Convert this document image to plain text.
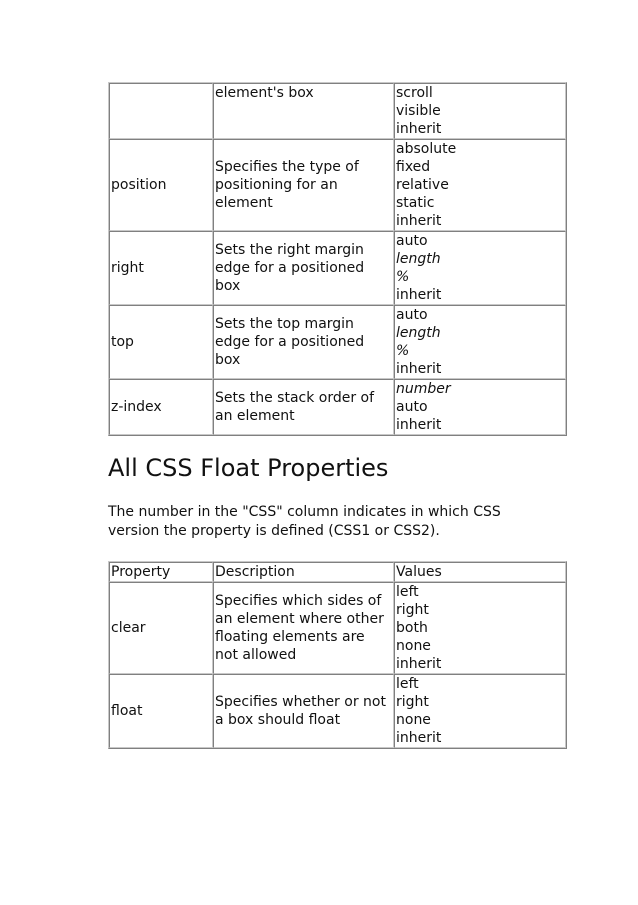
	element's box	scroll
visible
inherit

position	Specifies the type of positioning for an element	absolute
fixed
relative
static
inherit

right	Sets the right margin edge for a positioned box	auto
length
%
inherit

top	Sets the top margin edge for a positioned box	auto
length
%
inherit

z-index	Sets the stack order of an element	number
auto
inherit
All CSS Float Properties

The number in the "CSS" column indicates in which CSS version the property is defined (CSS1 or CSS2).

Property	Description	Values
clear	Specifies which sides of an element where other floating elements are not allowed	left
right
both
none
inherit

float	Specifies whether or not a box should float	left
right
none
inherit
